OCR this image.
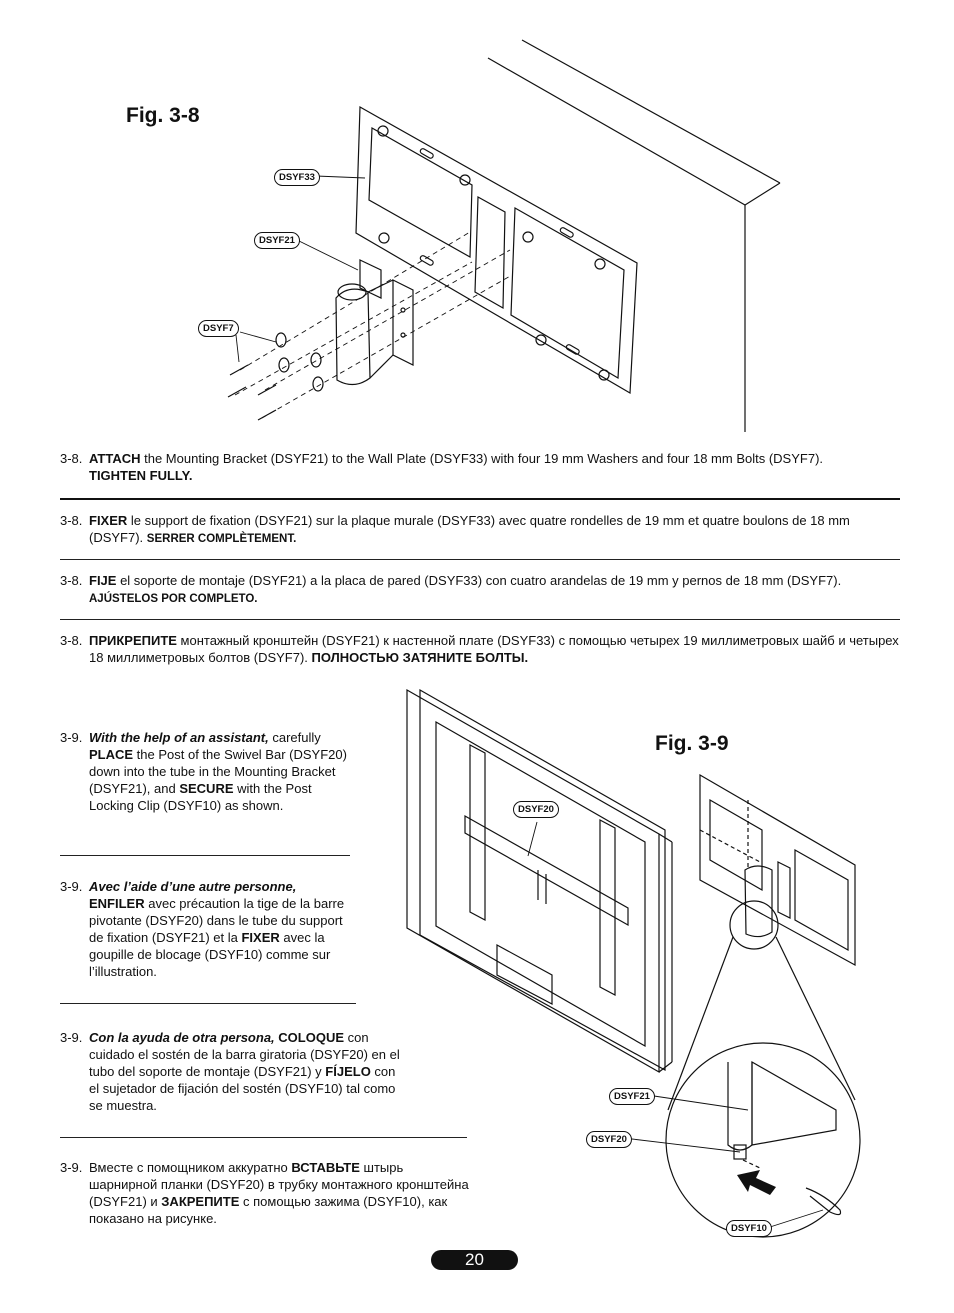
Fig. 3-8
Fig. 3-9
DSYF33
DSYF21
DSYF7
DSYF20
DSYF21
DSYF20
DSYF10
3-8. ATTACH the Mounting Bracket (DSYF21) to the Wall Plate (DSYF33) with four 19 mm Washers and four 18 mm Bolts (DSYF7).
TIGHTEN FULLY.
3-8. FIXER le support de fixation (DSYF21) sur la plaque murale (DSYF33) avec quatre rondelles de 19 mm et quatre boulons de 18 mm (DSYF7). SERRER COMPLÈTEMENT.
3-8. FIJE el soporte de montaje (DSYF21) a la placa de pared (DSYF33) con cuatro arandelas de 19 mm y pernos de 18 mm (DSYF7). AJÚSTELOS POR COMPLETO.
3-8. ПРИКРЕПИТЕ монтажный кронштейн (DSYF21) к настенной плате (DSYF33) с помощью четырех 19 миллиметровых шайб и четырех 18 миллиметровых болтов (DSYF7). ПОЛНОСТЬЮ ЗАТЯНИТЕ БОЛТЫ.
3-9. With the help of an assistant, carefully PLACE the Post of the Swivel Bar (DSYF20) down into the tube in the Mounting Bracket (DSYF21), and SECURE with the Post Locking Clip (DSYF10) as shown.
3-9. Avec l’aide d’une autre personne,
ENFILER avec précaution la tige de la barre pivotante (DSYF20) dans le tube du support de fixation (DSYF21) et la FIXER avec la goupille de blocage (DSYF10) comme sur l’illustration.
3-9. Con la ayuda de otra persona, COLOQUE con cuidado el sostén de la barra giratoria (DSYF20) en el tubo del soporte de montaje (DSYF21) y FÍJELO con el sujetador de fijación del sostén (DSYF10) tal como se muestra.
3-9. Вместе с помощником аккуратно ВСТАВЬТЕ штырь шарнирной планки (DSYF20) в трубку монтажного кронштейна (DSYF21) и ЗАКРЕПИТЕ с помощью зажима (DSYF10), как показано на рисунке.
20
